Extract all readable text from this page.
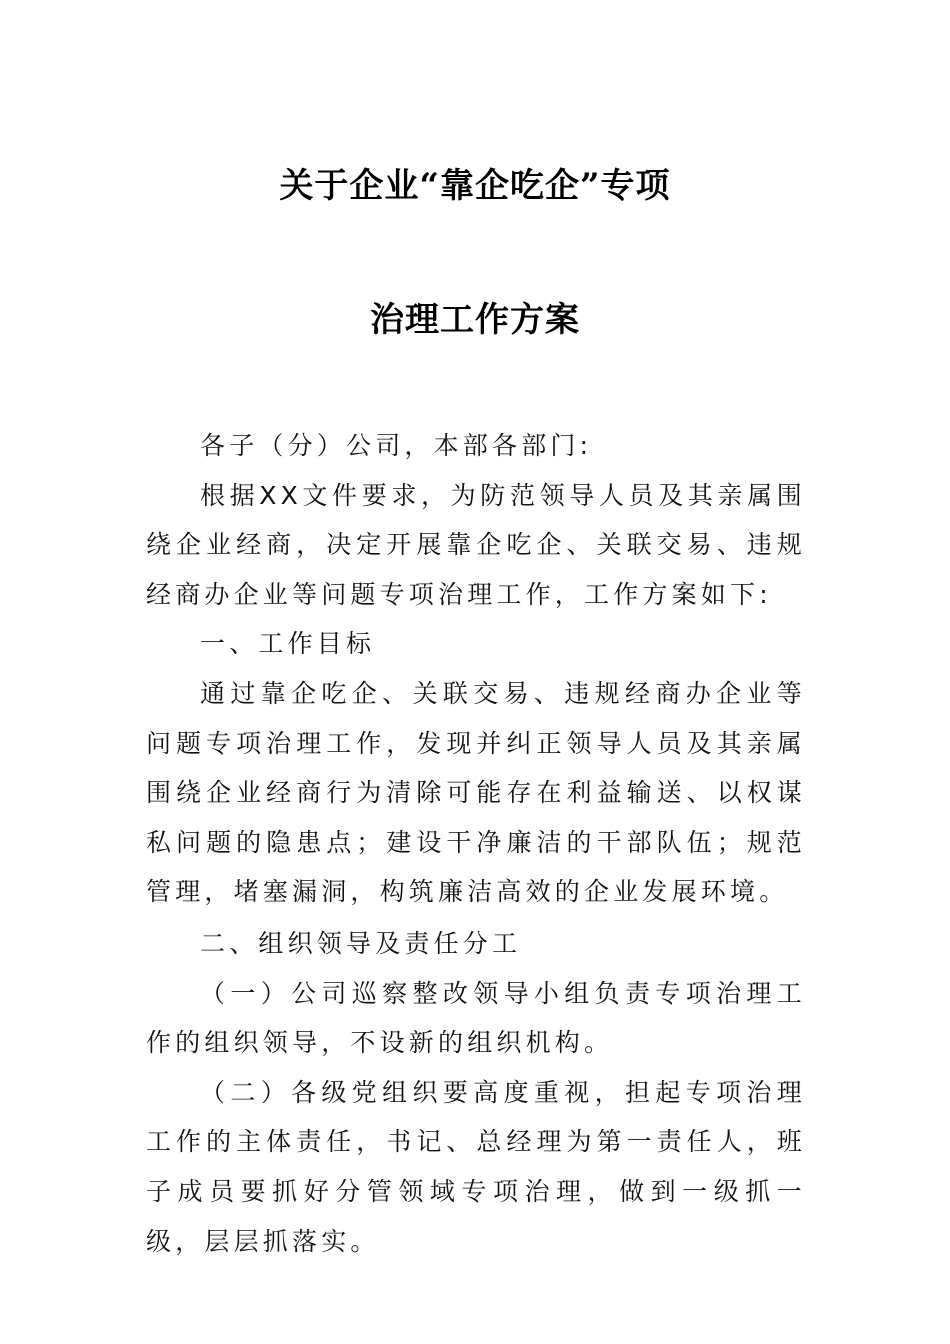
关于企业“靠企吃企”专项
治理工作方案

各子（分）公司，本部各部门:

根据XX文件要求，为防范领导人员及其亲属围绕企业经商，决定开展靠企吃企、关联交易、违规经商办企业等问题专项治理工作，工作方案如下:

一、工作目标

通过靠企吃企、关联交易、违规经商办企业等问题专项治理工作，发现并纠正领导人员及其亲属围绕企业经商行为清除可能存在利益输送、以权谋私问题的隐患点；建设干净廉洁的干部队伍；规范管理，堵塞漏洞，构筑廉洁高效的企业发展环境。

二、组织领导及责任分工

（一）公司巡察整改领导小组负责专项治理工作的组织领导，不设新的组织机构。

（二）各级党组织要高度重视，担起专项治理工作的主体责任，书记、总经理为第一责任人，班子成员要抓好分管领域专项治理，做到一级抓一级，层层抓落实。
